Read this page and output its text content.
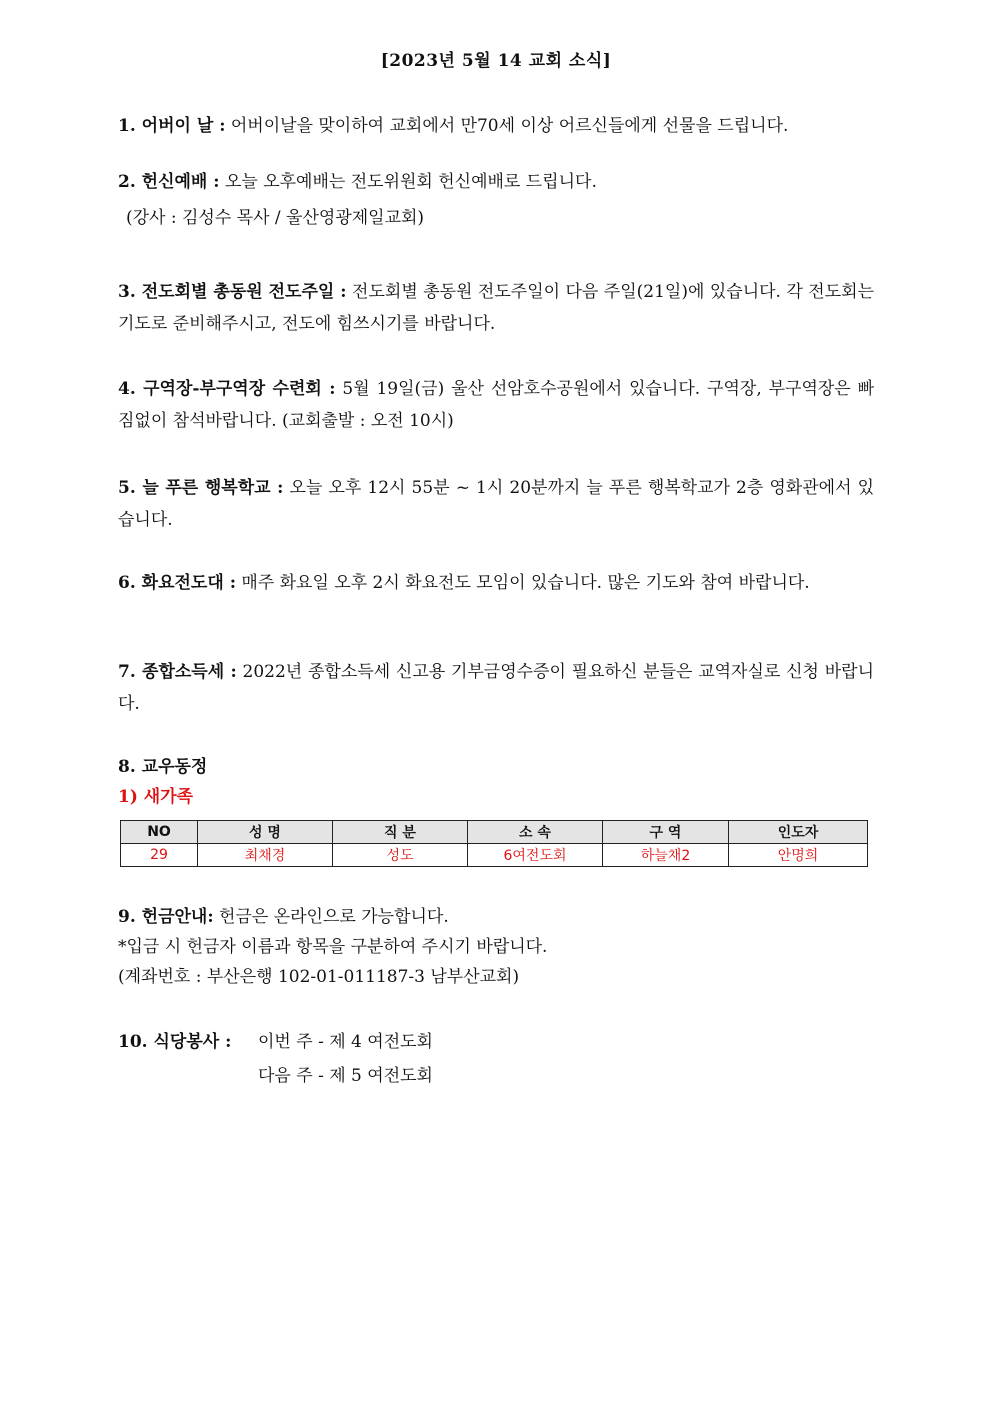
[2023년 5월 14 교회 소식]
1. 어버이 날 : 어버이날을 맞이하여 교회에서 만70세 이상 어르신들에게 선물을 드립니다.
2. 헌신예배 : 오늘 오후예배는 전도위원회 헌신예배로 드립니다.
(강사 : 김성수 목사 / 울산영광제일교회)
3. 전도회별 총동원 전도주일 : 전도회별 총동원 전도주일이 다음 주일(21일)에 있습니다. 각 전도회는 기도로 준비해주시고, 전도에 힘쓰시기를 바랍니다.
4. 구역장-부구역장 수련회 : 5월 19일(금) 울산 선암호수공원에서 있습니다. 구역장, 부구역장은 빠짐없이 참석바랍니다. (교회출발 : 오전 10시)
5. 늘 푸른 행복학교 : 오늘 오후 12시 55분 ~ 1시 20분까지 늘 푸른 행복학교가 2층 영화관에서 있습니다.
6. 화요전도대 : 매주 화요일 오후 2시 화요전도 모임이 있습니다. 많은 기도와 참여 바랍니다.
7. 종합소득세 : 2022년 종합소득세 신고용 기부금영수증이 필요하신 분들은 교역자실로 신청 바랍니다.
8. 교우동정
1) 새가족
NO	성 명	직 분	소 속	구 역	인도자
29	최채경	성도	6여전도회	하늘채2	안명희
9. 헌금안내: 헌금은 온라인으로 가능합니다.
*입금 시 헌금자 이름과 항목을 구분하여 주시기 바랍니다.
(계좌번호 : 부산은행 102-01-011187-3 남부산교회)
10. 식당봉사 : 이번 주 - 제 4 여전도회
다음 주 - 제 5 여전도회
